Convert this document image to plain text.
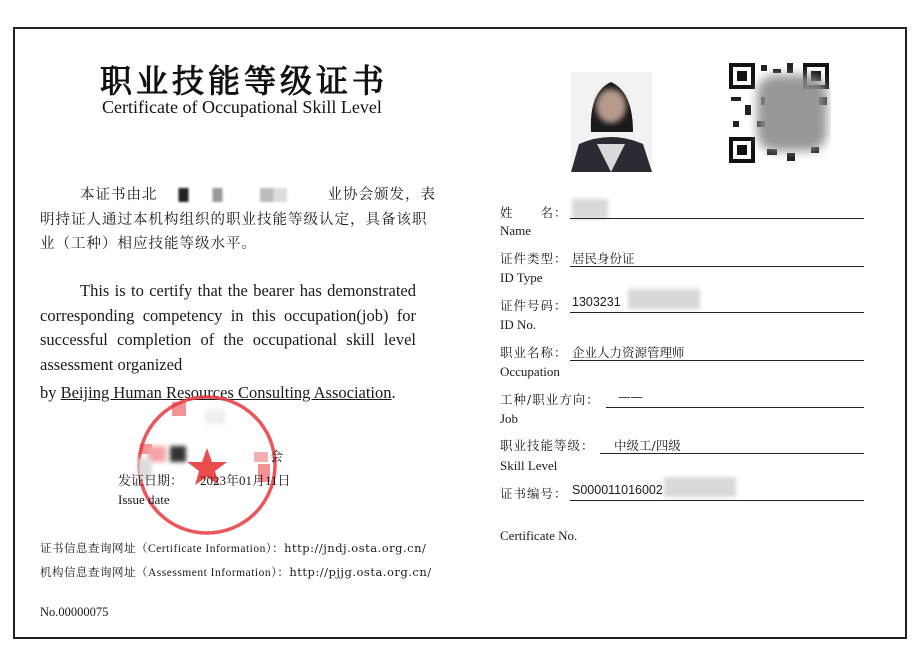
职业技能等级证书
Certificate of Occupational Skill Level
本证书由北	业协会颁发，表明持证人通过本机构组织的职业技能等级认定，具备该职业（工种）相应技能等级水平。
This is to certify that the bearer has demonstrated corresponding competency in this occupation(job) for successful completion of the occupational skill level assessment organized
by Beijing Human Resources Consulting Association.
会
发证日期： 2023年01月11日
Issue date
证书信息查询网址（Certificate Information）：http://jndj.osta.org.cn/
机构信息查询网址（Assessment Information）：http://pjjg.osta.org.cn/
No.00000075
姓　　名：
Name
证件类型： 居民身份证
ID Type
证件号码： 1303231
ID No.
职业名称： 企业人力资源管理师
Occupation
工种/职业方向： ——
Job
职业技能等级： 中级工/四级
Skill Level
证书编号： S000011016002
Certificate No.
